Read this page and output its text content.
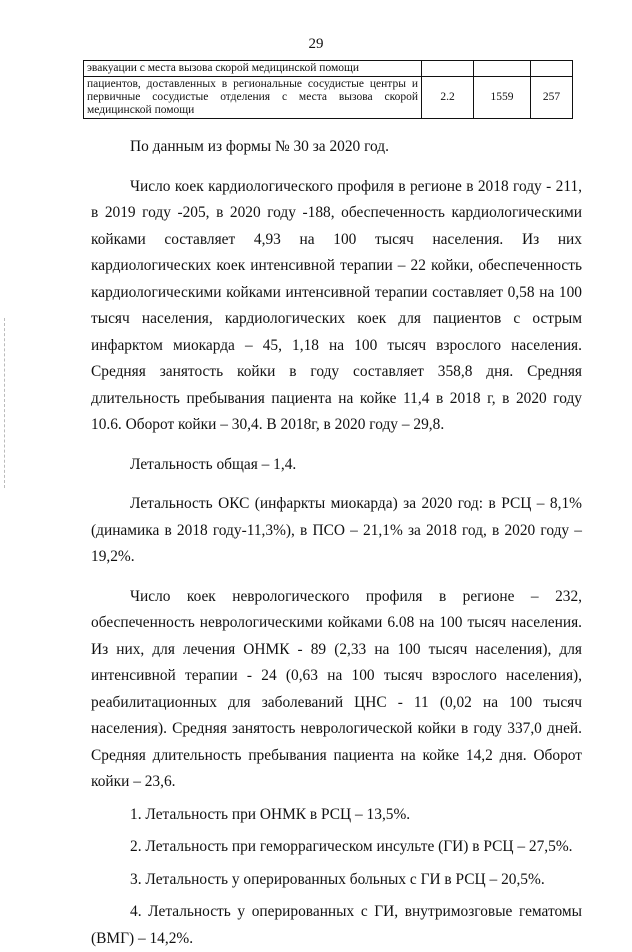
29
эвакуации с места вызова скорой медицинской помощи			
пациентов, доставленных в региональные сосудистые центры и первичные сосудистые отделения с места вызова скорой медицинской помощи	2.2	1559	257

По данным из формы № 30 за 2020 год.

Число коек кардиологического профиля в регионе в 2018 году - 211, в 2019 году -205, в 2020 году -188, обеспеченность кардиологическими койками составляет 4,93 на 100 тысяч населения. Из них кардиологических коек интенсивной терапии – 22 койки, обеспеченность кардиологическими койками интенсивной терапии составляет 0,58 на 100 тысяч населения, кардиологических коек для пациентов с острым инфарктом миокарда – 45, 1,18 на 100 тысяч взрослого населения. Средняя занятость койки в году составляет 358,8 дня. Средняя длительность пребывания пациента на койке 11,4 в 2018 г, в 2020 году 10.6. Оборот койки – 30,4. В 2018г, в 2020 году – 29,8.

Летальность общая – 1,4.

Летальность ОКС (инфаркты миокарда) за 2020 год: в РСЦ – 8,1% (динамика в 2018 году-11,3%), в ПСО – 21,1% за 2018 год, в 2020 году – 19,2%.

Число коек неврологического профиля в регионе – 232, обеспеченность неврологическими койками 6.08 на 100 тысяч населения. Из них, для лечения ОНМК - 89 (2,33 на 100 тысяч населения), для интенсивной терапии - 24 (0,63 на 100 тысяч взрослого населения), реабилитационных для заболеваний ЦНС - 11 (0,02 на 100 тысяч населения). Средняя занятость неврологической койки в году 337,0 дней. Средняя длительность пребывания пациента на койке 14,2 дня. Оборот койки – 23,6.

1. Летальность при ОНМК в РСЦ – 13,5%.

2. Летальность при геморрагическом инсульте (ГИ) в РСЦ – 27,5%.

3. Летальность у оперированных больных с ГИ в РСЦ – 20,5%.

4. Летальность у оперированных с ГИ, внутримозговые гематомы (ВМГ) – 14,2%.
